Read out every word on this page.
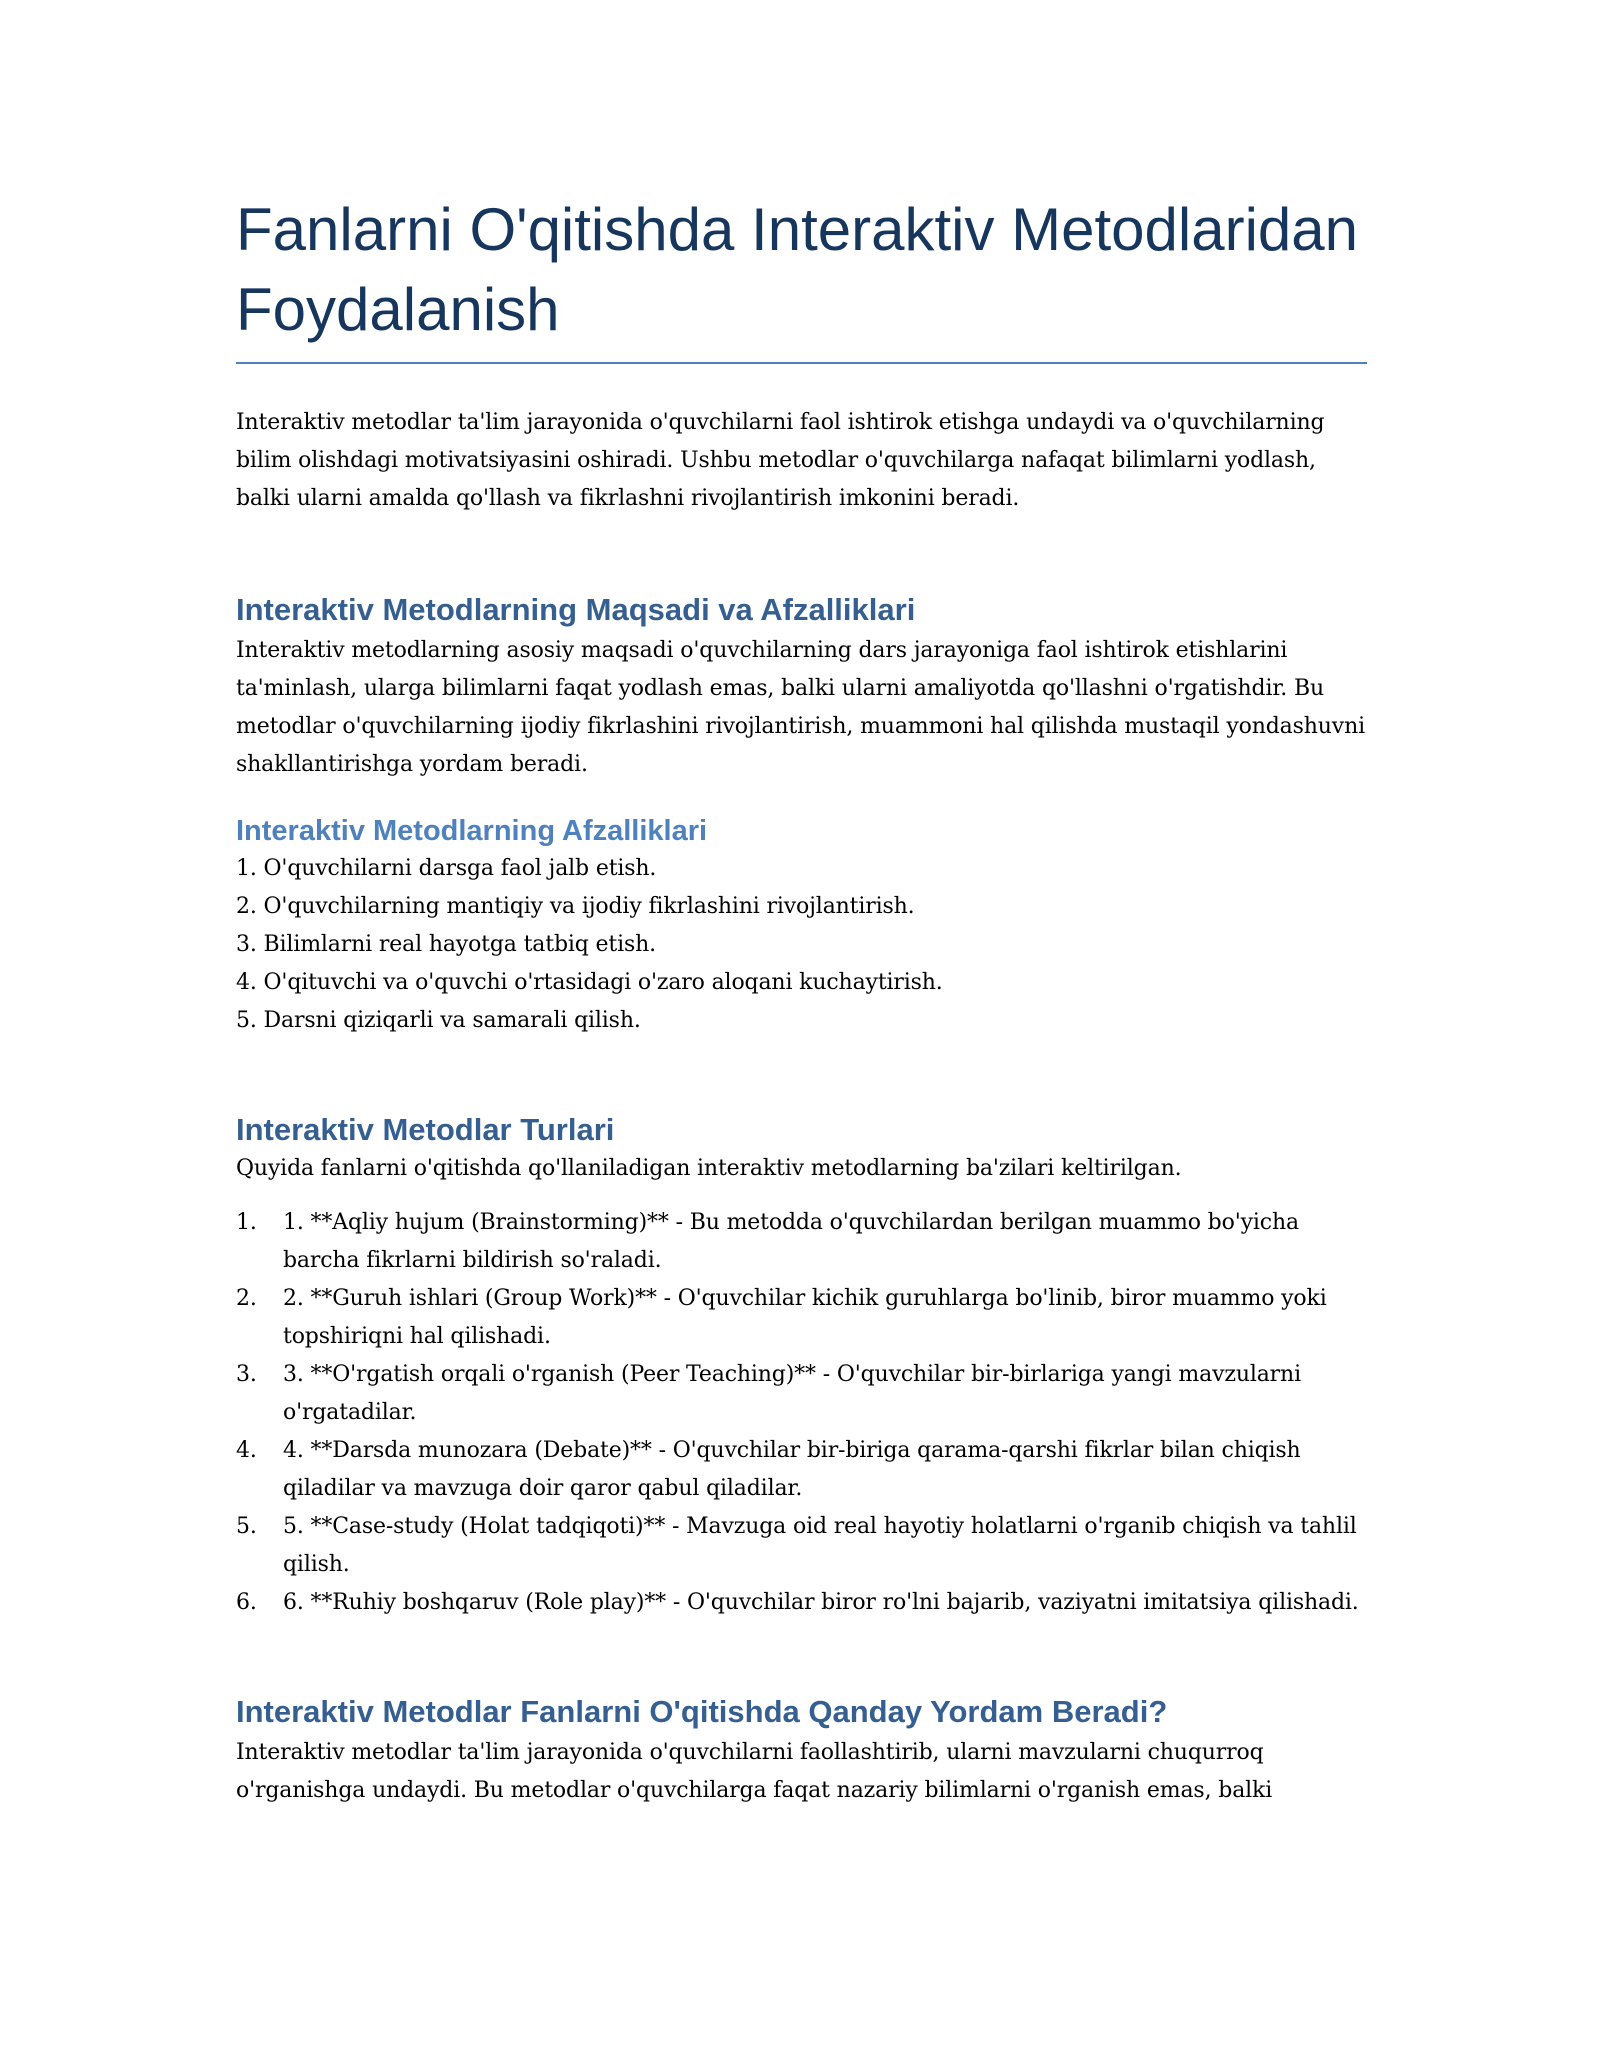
Fanlarni O'qitishda Interaktiv Metodlaridan Foydalanish

Interaktiv metodlar ta'lim jarayonida o'quvchilarni faol ishtirok etishga undaydi va o'quvchilarning bilim olishdagi motivatsiyasini oshiradi. Ushbu metodlar o'quvchilarga nafaqat bilimlarni yodlash, balki ularni amalda qo'llash va fikrlashni rivojlantirish imkonini beradi.

Interaktiv Metodlarning Maqsadi va Afzalliklari

Interaktiv metodlarning asosiy maqsadi o'quvchilarning dars jarayoniga faol ishtirok etishlarini ta'minlash, ularga bilimlarni faqat yodlash emas, balki ularni amaliyotda qo'llashni o'rgatishdir. Bu metodlar o'quvchilarning ijodiy fikrlashini rivojlantirish, muammoni hal qilishda mustaqil yondashuvni shakllantirishga yordam beradi.

Interaktiv Metodlarning Afzalliklari
1. O'quvchilarni darsga faol jalb etish.
2. O'quvchilarning mantiqiy va ijodiy fikrlashini rivojlantirish.
3. Bilimlarni real hayotga tatbiq etish.
4. O'qituvchi va o'quvchi o'rtasidagi o'zaro aloqani kuchaytirish.
5. Darsni qiziqarli va samarali qilish.
Interaktiv Metodlar Turlari

Quyida fanlarni o'qitishda qo'llaniladigan interaktiv metodlarning ba'zilari keltirilgan.

1. 1. **Aqliy hujum (Brainstorming)** - Bu metodda o'quvchilardan berilgan muammo bo'yicha barcha fikrlarni bildirish so'raladi.
2. 2. **Guruh ishlari (Group Work)** - O'quvchilar kichik guruhlarga bo'linib, biror muammo yoki topshiriqni hal qilishadi.
3. 3. **O'rgatish orqali o'rganish (Peer Teaching)** - O'quvchilar bir-birlariga yangi mavzularni o'rgatadilar.
4. 4. **Darsda munozara (Debate)** - O'quvchilar bir-biriga qarama-qarshi fikrlar bilan chiqish qiladilar va mavzuga doir qaror qabul qiladilar.
5. 5. **Case-study (Holat tadqiqoti)** - Mavzuga oid real hayotiy holatlarni o'rganib chiqish va tahlil qilish.
6. 6. **Ruhiy boshqaruv (Role play)** - O'quvchilar biror ro'lni bajarib, vaziyatni imitatsiya qilishadi.
Interaktiv Metodlar Fanlarni O'qitishda Qanday Yordam Beradi?

Interaktiv metodlar ta'lim jarayonida o'quvchilarni faollashtirib, ularni mavzularni chuqurroq o'rganishga undaydi. Bu metodlar o'quvchilarga faqat nazariy bilimlarni o'rganish emas, balki
